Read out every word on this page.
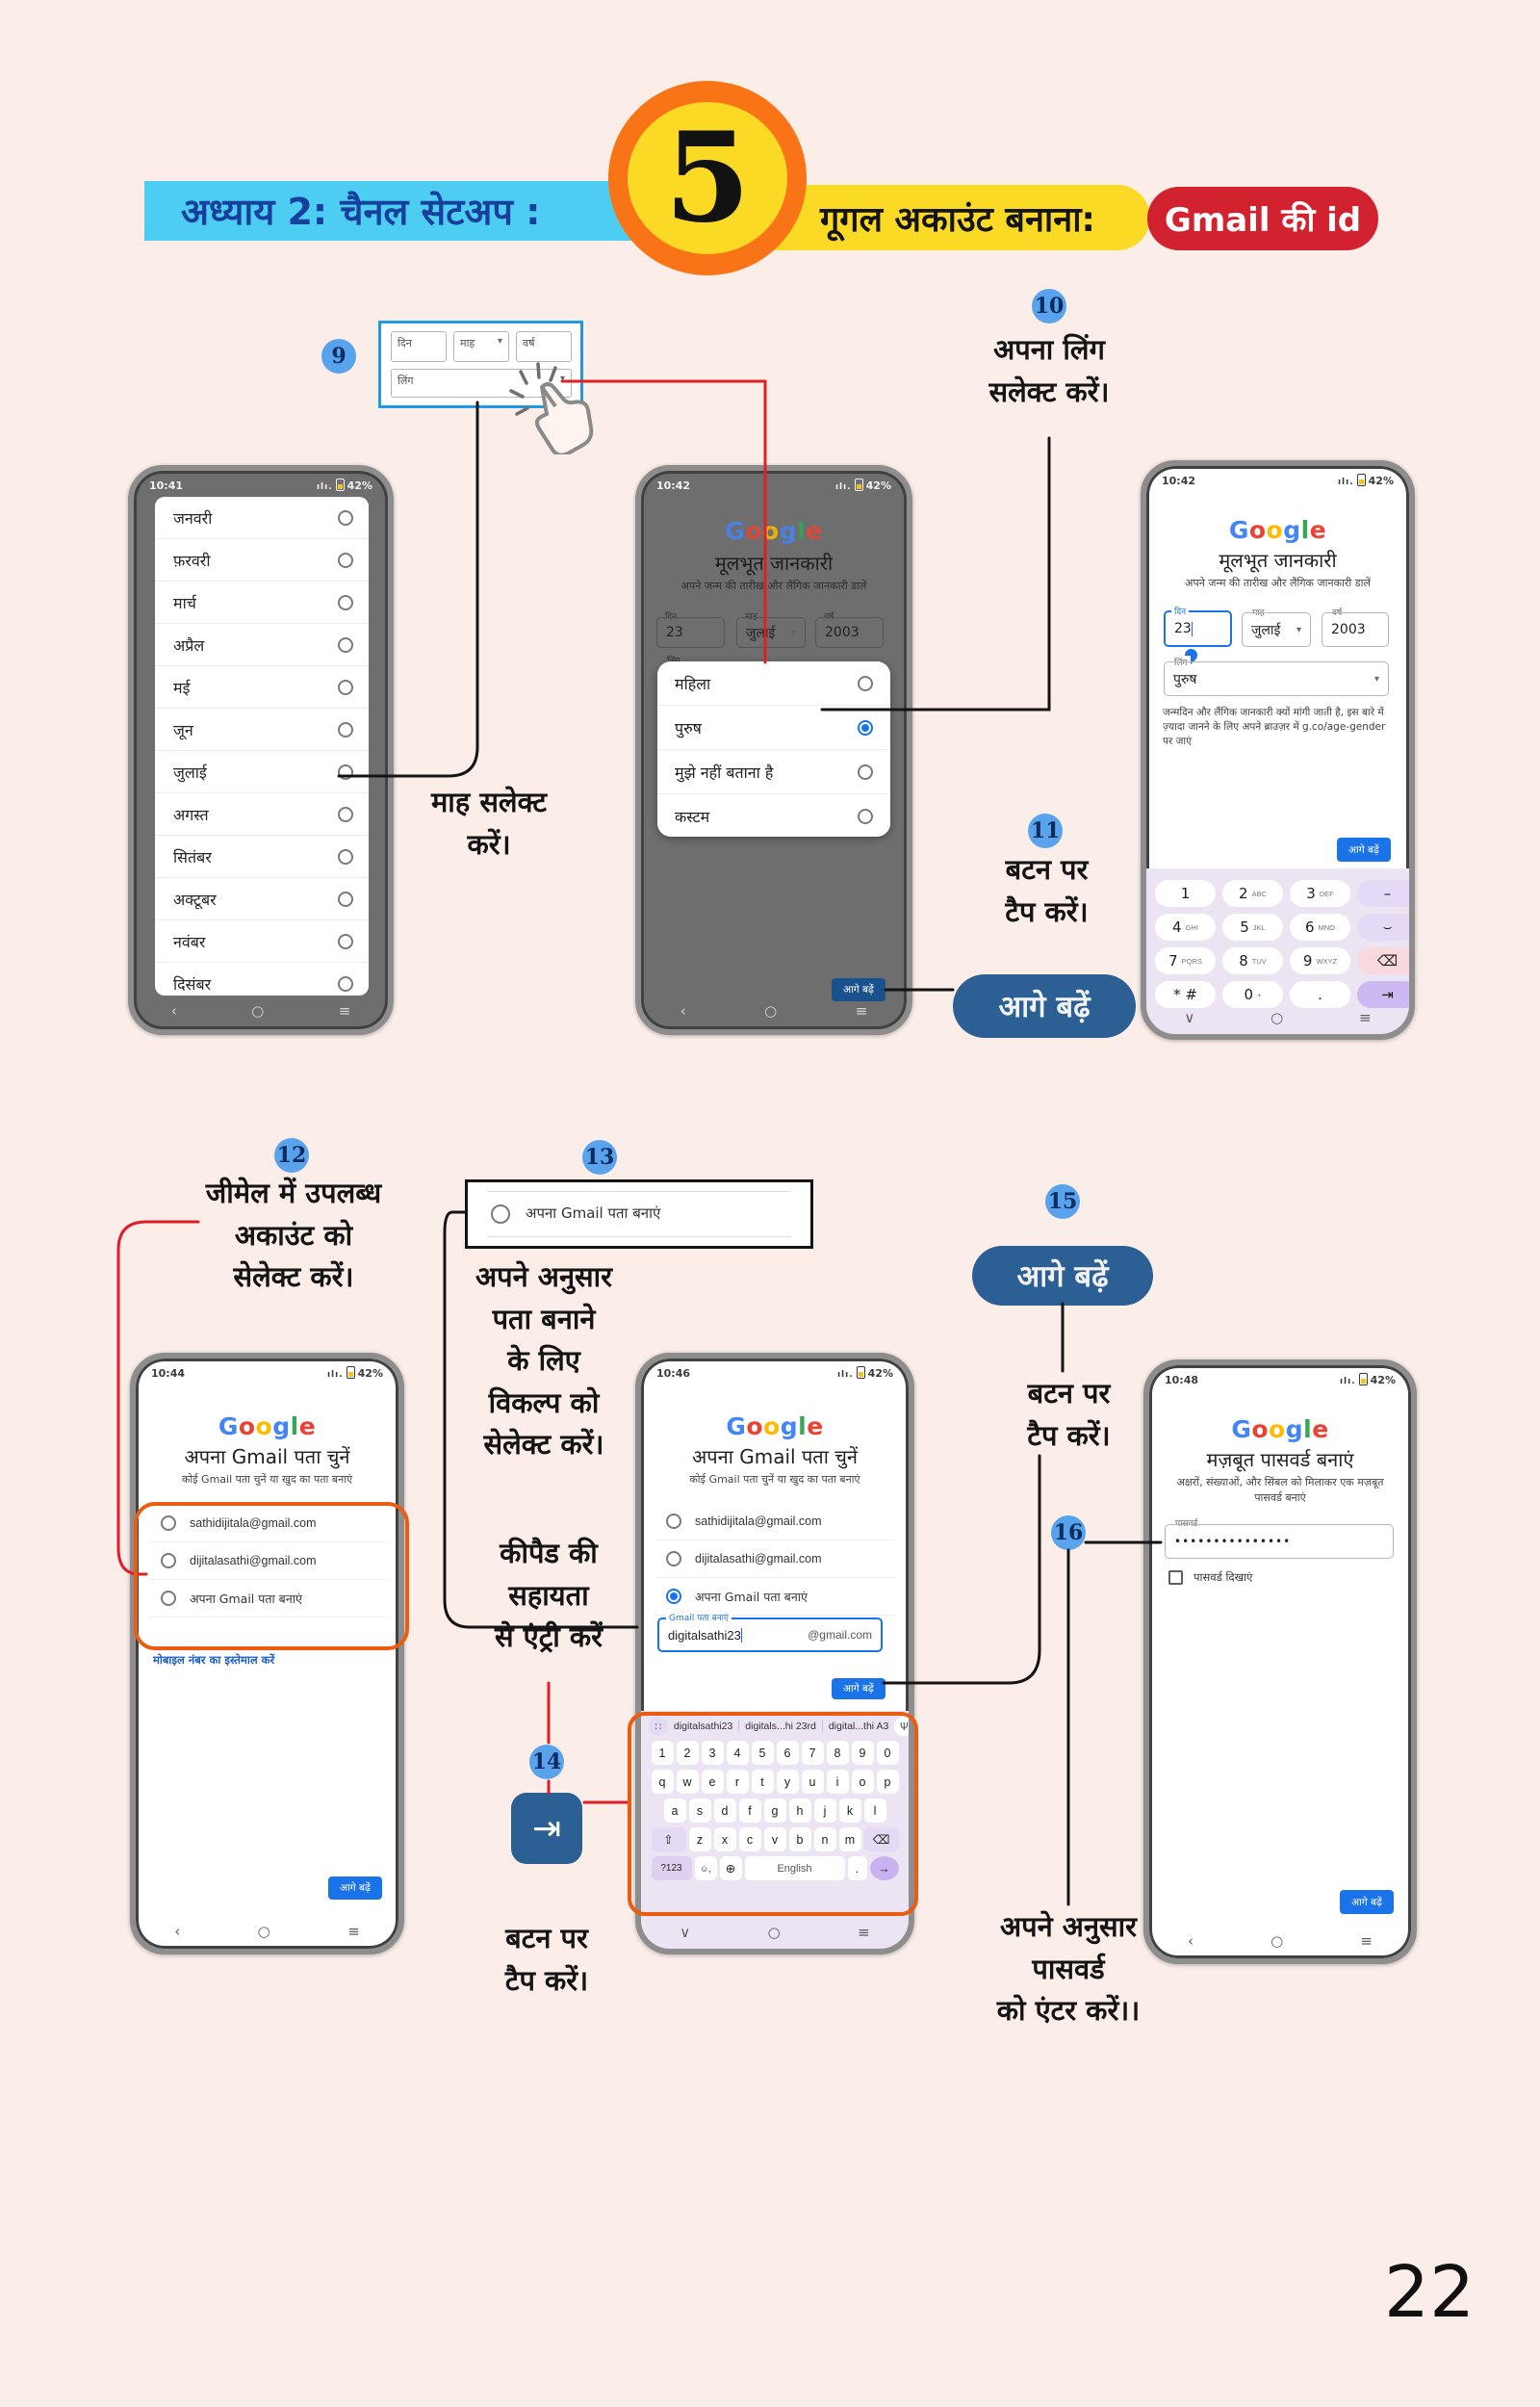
अध्याय 2: चैनल सेटअप :	गूगल अकाउंट बनाना: Gmail की id
5
9
दिन	माह ▾ वर्ष
लिंग	▾
माह सलेक्ट
करें।
10
अपना लिंग
सलेक्ट करें।
11
बटन पर
टैप करें।
आगे बढ़ें
10:41	ılı. 42%
जनवरी
फ़रवरी
मार्च
अप्रैल
मई
जून
जुलाई
अगस्त
सितंबर
अक्टूबर
नवंबर
दिसंबर
‹	○	≡
10:42	ılı. 42%
Google
मूलभूत जानकारी
अपने जन्म की तारीख और लैंगिक जानकारी डालें
दिन
23
माह
जुलाई ▾
वर्ष
2003
महिला
पुरुष
मुझे नहीं बताना है
कस्टम
आगे बढ़ें
‹	○	≡
10:42	ılı. 42%
Google
मूलभूत जानकारी
अपने जन्म की तारीख और लैंगिक जानकारी डालें
दिन
23
माह
जुलाई ▾
वर्ष
2003
लिंग
पुरुष	▾
जन्मदिन और लैंगिक जानकारी क्यों मांगी जाती है, इस बारे में ज़्यादा जानने के लिए अपने ब्राउज़र में g.co/age-gender पर जाएं
आगे बढ़ें
1	2 ABC	3 DEF	–
4 GHI	5 JKL	6 MNO	⌣
7 PQRS	8 TUV	9 WXYZ	⌫
* #	0 +	.	⇥
∨	○	≡
12
जीमेल में उपलब्ध
अकाउंट को
सेलेक्ट करें।
13
अपना Gmail पता बनाएं
अपने अनुसार
पता बनाने
के लिए
विकल्प को
सेलेक्ट करें।
कीपैड की
सहायता
से एंट्री करें
14
⇥
बटन पर
टैप करें।
15
आगे बढ़ें
बटन पर
टैप करें।
16
अपने अनुसार
पासवर्ड
को एंटर करें।।
10:44	ılı. 42%
Google
अपना Gmail पता चुनें
कोई Gmail पता चुनें या खुद का पता बनाएं
sathidijitala@gmail.com
dijitalasathi@gmail.com
अपना Gmail पता बनाएं
मोबाइल नंबर का इस्तेमाल करें
आगे बढ़ें
‹	○	≡
10:46	ılı. 42%
Google
अपना Gmail पता चुनें
कोई Gmail पता चुनें या खुद का पता बनाएं
sathidijitala@gmail.com
dijitalasathi@gmail.com
अपना Gmail पता बनाएं
Gmail पता बनाएं
digitalsathi23	@gmail.com
आगे बढ़ें
∷	digitalsathi23 digitals...hi 23rd digital...thi A3	Ψ
1	2	3	4	5	6	7	8	9	0
q	w	e	r	t	y	u	i	o	p
a	s	d	f	g	h	j	k	l
⇧	z	x	c	v	b	n	m	⌫
?123	☺,	⊕	English	.	→
∨	○	≡
10:48	ılı. 42%
Google
मज़बूत पासवर्ड बनाएं
अक्षरों, संख्याओं, और सिंबल को मिलाकर एक मज़बूत
पासवर्ड बनाएं
पासवर्ड
•••••••••••••••
पासवर्ड दिखाएं
आगे बढ़ें
‹	○	≡
22
